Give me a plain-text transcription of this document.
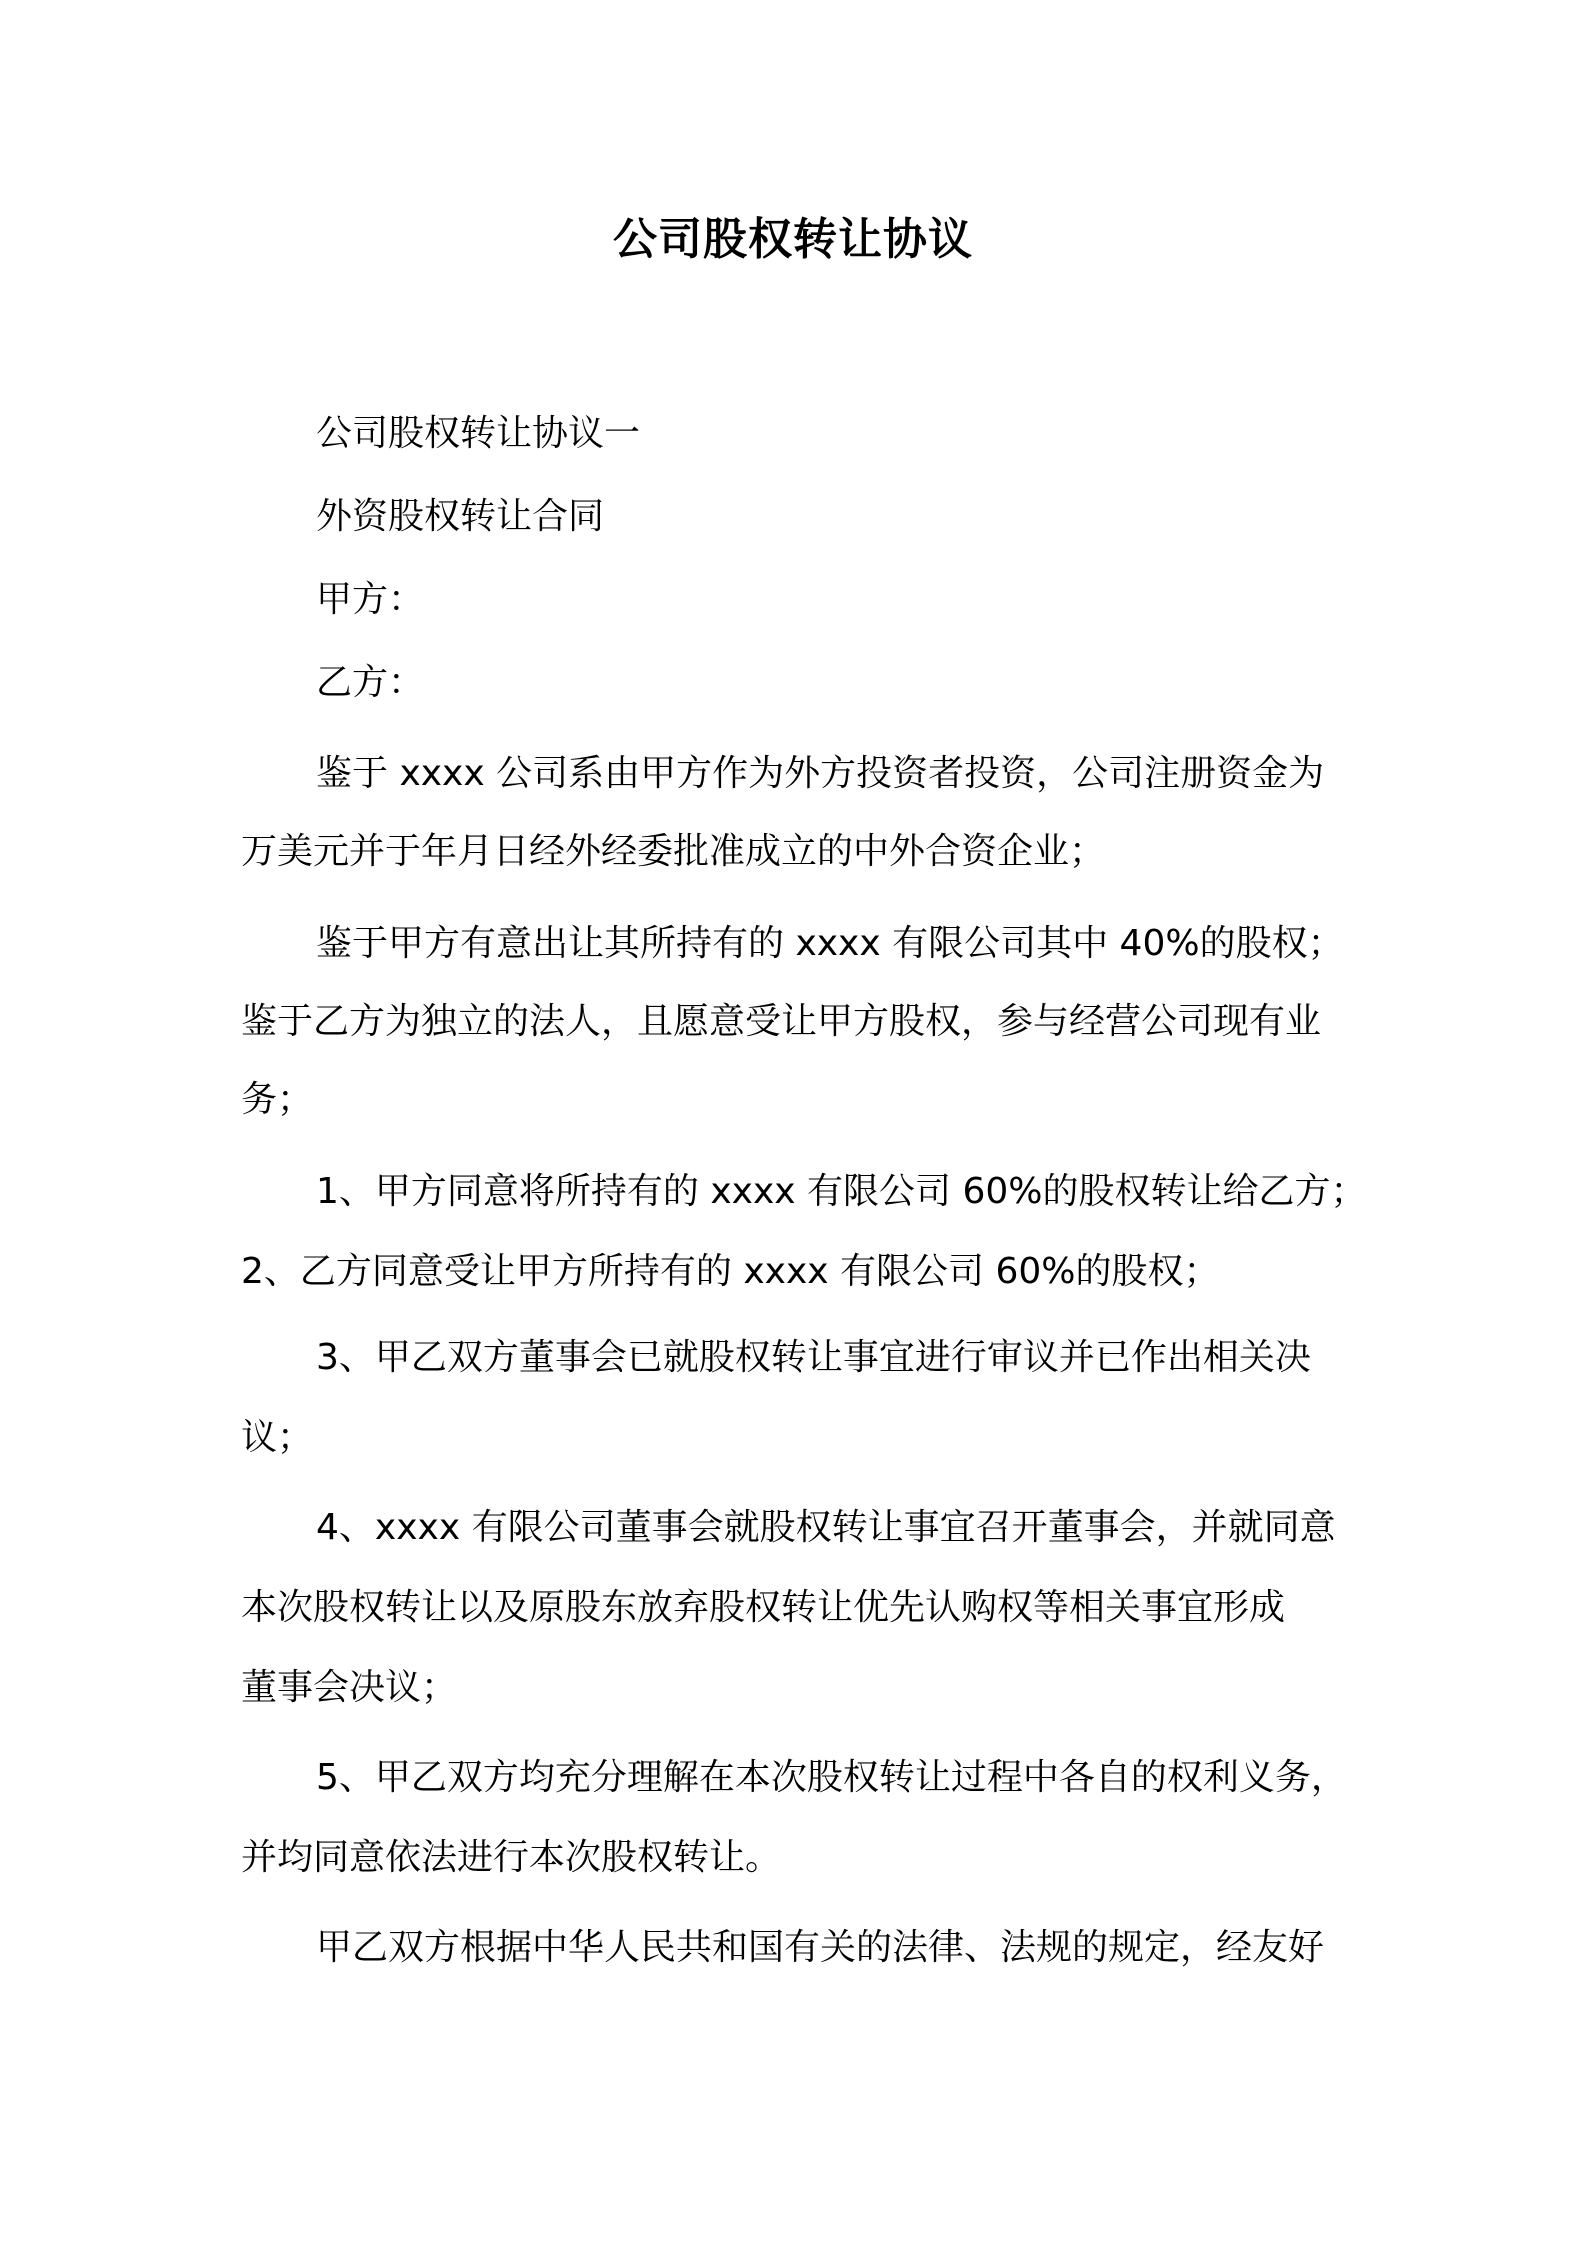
公司股权转让协议
公司股权转让协议一
外资股权转让合同
甲方：
乙方：
鉴于 xxxx 公司系由甲方作为外方投资者投资，公司注册资金为
万美元并于年月日经外经委批准成立的中外合资企业；
鉴于甲方有意出让其所持有的 xxxx 有限公司其中 40%的股权；
鉴于乙方为独立的法人，且愿意受让甲方股权，参与经营公司现有业
务；
1、甲方同意将所持有的 xxxx 有限公司 60%的股权转让给乙方；
2、乙方同意受让甲方所持有的 xxxx 有限公司 60%的股权；
3、甲乙双方董事会已就股权转让事宜进行审议并已作出相关决
议；
4、xxxx 有限公司董事会就股权转让事宜召开董事会，并就同意
本次股权转让以及原股东放弃股权转让优先认购权等相关事宜形成
董事会决议；
5、甲乙双方均充分理解在本次股权转让过程中各自的权利义务，
并均同意依法进行本次股权转让。
甲乙双方根据中华人民共和国有关的法律、法规的规定，经友好
